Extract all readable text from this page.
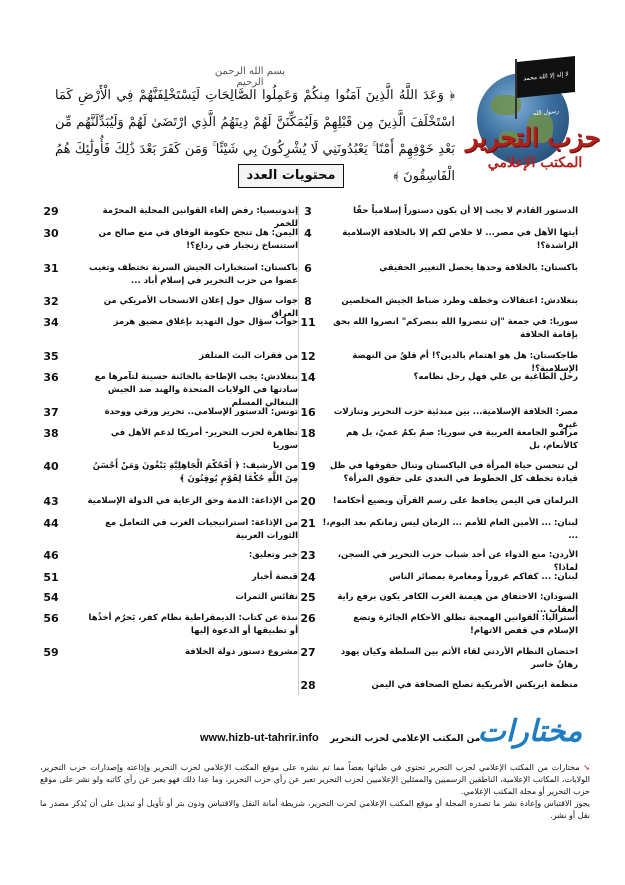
لا إله إلا الله محمد رسول الله
حزب التحرير
المكتب الإعلامي
بسم الله الرحمن الرحيم
﴿ وَعَدَ اللَّهُ الَّذِينَ آمَنُوا مِنكُمْ وَعَمِلُوا الصَّالِحَاتِ لَيَسْتَخْلِفَنَّهُمْ فِي الْأَرْضِ كَمَا اسْتَخْلَفَ الَّذِينَ مِن قَبْلِهِمْ وَلَيُمَكِّنَنَّ لَهُمْ دِينَهُمُ الَّذِي ارْتَضَىٰ لَهُمْ وَلَيُبَدِّلَنَّهُم مِّن بَعْدِ خَوْفِهِمْ أَمْنًا ۚ يَعْبُدُونَنِي لَا يُشْرِكُونَ بِي شَيْئًا ۚ وَمَن كَفَرَ بَعْدَ ذَٰلِكَ فَأُولَٰئِكَ هُمُ الْفَاسِقُونَ ﴾
محتويات العدد
3	الدستور القادم لا يجب إلا أن يكون دستوراً إسلامياً حقًا
4	أيتها الأهل في مصر... لا خلاص لكم إلا بالخلافة الإسلامية الراشدة؟!
6	باكستان: بالخلافة وحدها يحصل التغيير الحقيقي
8	بنغلادش: اعتقالات وخطف وطرد ضباط الجيش المخلصين
11	سوريا: في جمعة "إن تنصروا الله ينصركم" انصروا الله بحق بإقامة الخلافة
12	طاجكستان: هل هو اهتمام بالدين؟! أم قلقٌ من النهضة الإسلامية؟!
14	رحل الطاغية بن علي فهل رحل نظامه؟
16	مصر: الخلافة الإسلامية... بين مبدئية حزب التحرير وتنازلات غيره
18	مراقبو الجامعة العربية في سوريا: صمٌ بكمٌ عميٌ، بل هم كالأنعام، بل
19	لن تتحسن حياة المرأة في الباكستان وتنال حقوقها في ظل قيادة تخطف كل الخطوط في التعدي على حقوق المرأة؟
20	البرلمان في اليمن يحافظ على رسم القرآن ويضيع أحكامه!
21 لبنان: ... الأمين العام للأمم ... الزمان ليس زمانكم بعد اليوم،! ...
23	الأردن: منع الدواء عن أحد شباب حزب التحرير في السجن، لماذا؟
24	لبنان: ... كفاكم غروراً ومغامرة بمصائر الناس
25	السودان: الاحتفاق من هيمنة الغرب الكافر يكون برفع راية العقاب ...
26	أستراليا: القوانين الهمجية تطلق الأحكام الجائرة وتضع الإسلام في قفص الاتهام!
27	احتضان النظام الأردني لقاء الأثم بين السلطة وكيان يهود رهانٌ خاسر
28	منظمة ايريكس الأمريكية تصلح الصحافة في اليمن
29	إندونيسيا: رفض إلغاء القوانين المحلية المحرّمة للخمر
30	اليمن: هل تنجح حكومة الوفاق في منع صالح من استنساخ زنجبار في رداع؟!
31	باكستان: استخبارات الجيش السرية تختطف وتغيب عضوا من حزب التحرير في إسلام أباد ...
32	جواب سؤال حول إعلان الانسحاب الأمريكي من العراق
34	جواب سؤال حول التهديد بإغلاق مضيق هرمز
35	من فقرات البث المتلفز
36	بنغلادش: يجب الإطاحة بالخائنة حسينة لتآمرها مع سادتها في الولايات المتحدة والهند ضد الجيش البنغالي المسلم
37	تونس: الدستور الإسلامي.. تحرير ورقي ووحدة
38	تظاهرة لحزب التحرير- أمريكا لدعم الأهل في سوريا
40	من الأرشيف: ﴿ أَفَحُكْمَ الْجَاهِلِيَّةِ يَبْغُونَ وَمَنْ أَحْسَنُ مِنَ اللَّهِ حُكْمًا لِقَوْمٍ يُوقِنُونَ ﴾
43	من الإذاعة: الذمة وحق الرعاية في الدولة الإسلامية
44	من الإذاعة: استراتيجيات الغرب في التعامل مع الثورات العربية
46	خبر وتعليق:
51	قبضة أخبار
54	نفائس الثمرات
56	نبذة عن كتاب: الديمقراطية نظام كفر، يَحرُم أخذُها أو تطبيقها أو الدعوة إليها
59	مشروع دستور دولة الخلافة
مختارات
من المكتب الإعلامي لحزب التحرير
www.hizb-ut-tahrir.info
➘ مختارات من المكتب الإعلامي لحزب التحرير تحتوي في طياتها بعضاً مما تم نشره على موقع المكتب الإعلامي لحزب التحرير وإذاعته وإصدارات حزب التحرير، الولايات، المكاتب الإعلامية، الناطقين الرسميين والممثلين الإعلاميين لحزب التحرير تعبر عن رأي حزب التحرير، وما عدا ذلك فهو يعبر عن رأي كاتبه ولو نشر على موقع حزب التحرير أو مجلة المكتب الإعلامي.
يجوز الاقتباس وإعادة نشر ما تصدره المجلة أو موقع المكتب الإعلامي لحزب التحرير، شريطة أمانة النقل والاقتباس ودون بتر أو تأويل أو تبديل على أن يُذكر مصدر ما نقل أو نشر.
